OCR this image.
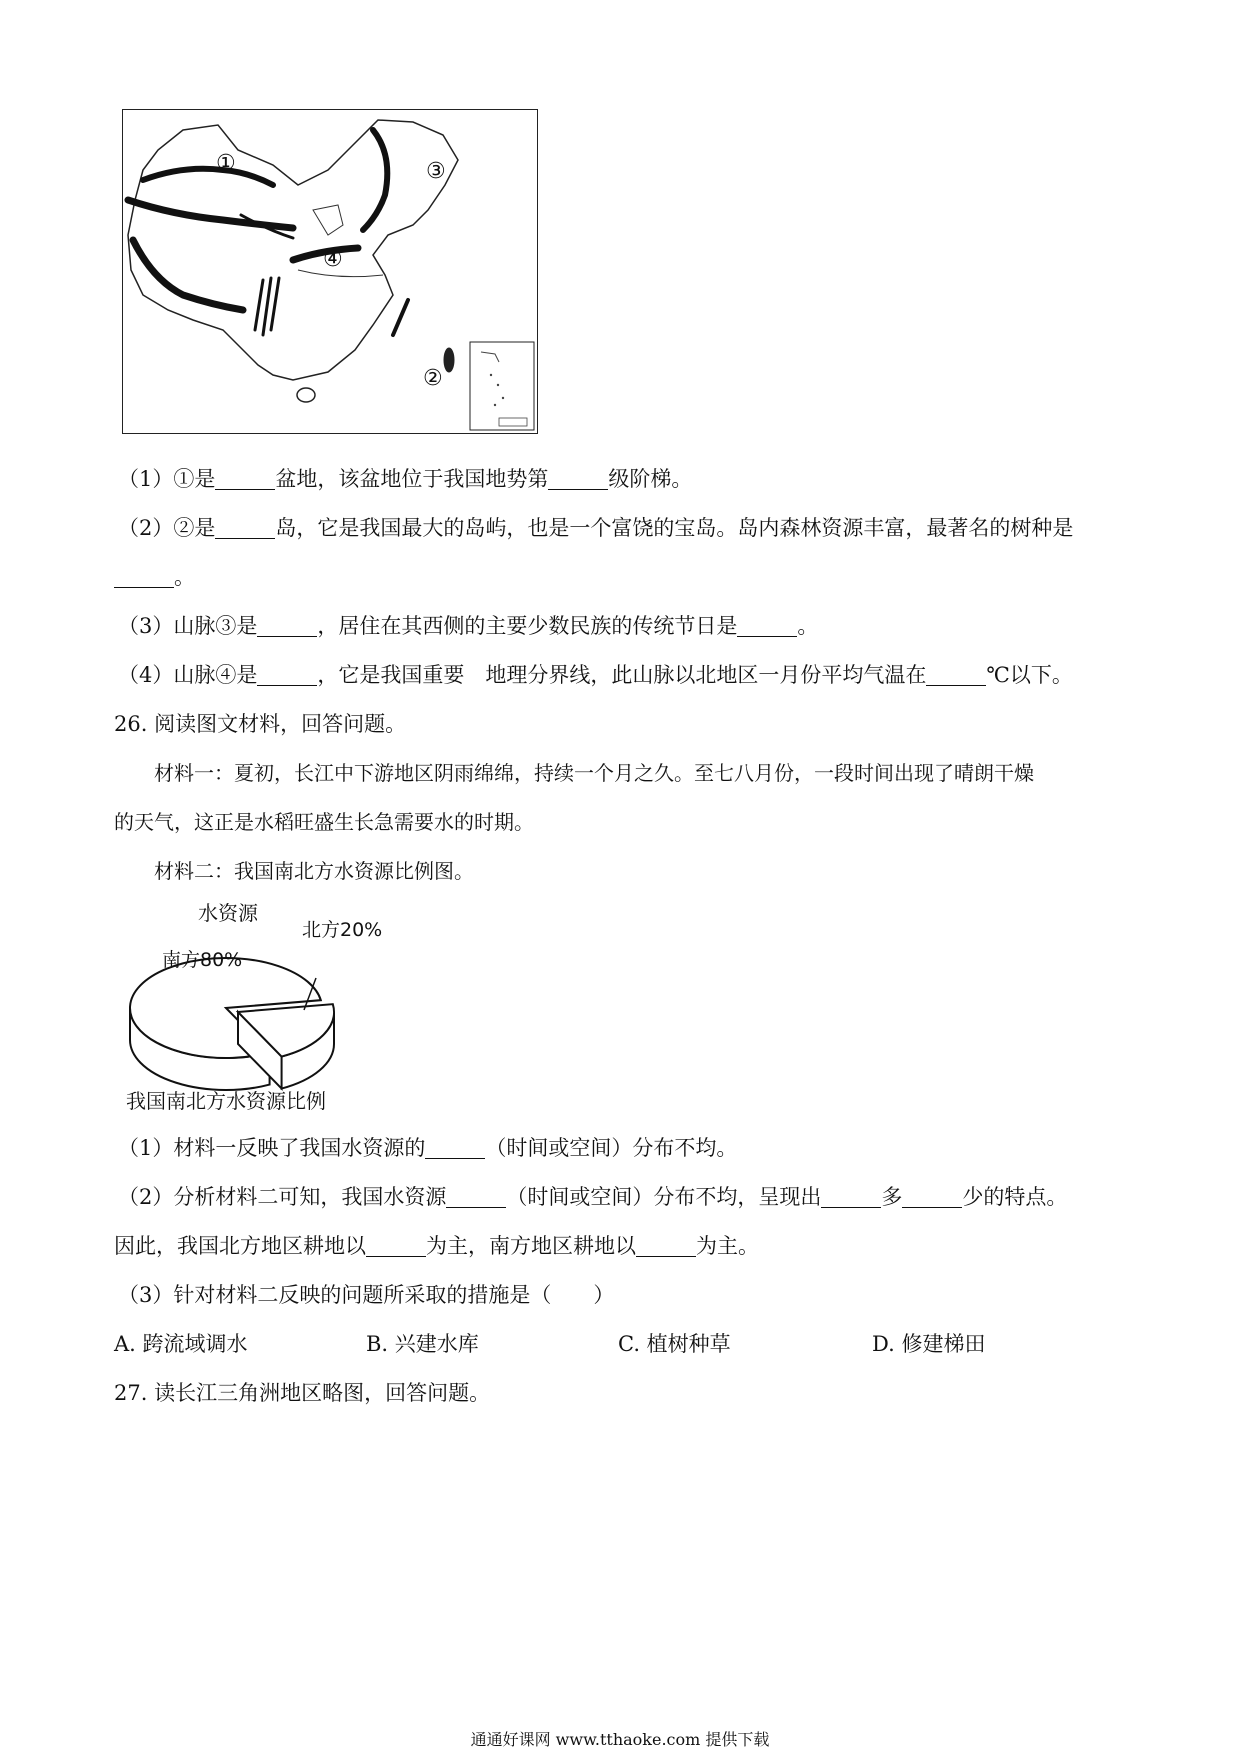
①	③
④
②
（1）①是	盆地，该盆地位于我国地势第	级阶梯。
（2）②是	岛，它是我国最大的岛屿，也是一个富饶的宝岛。岛内森林资源丰富，最著名的树种是
。
（3）山脉③是	，居住在其西侧的主要少数民族的传统节日是	。
（4）山脉④是	，它是我国重要　地理分界线，此山脉以北地区一月份平均气温在	℃以下。
26. 阅读图文材料，回答问题。
材料一：夏初，长江中下游地区阴雨绵绵，持续一个月之久。至七八月份，一段时间出现了晴朗干燥
的天气，这正是水稻旺盛生长急需要水的时期。
材料二：我国南北方水资源比例图。
水资源
南方80%
北方20%
我国南北方水资源比例
（1）材料一反映了我国水资源的	（时间或空间）分布不均。
（2）分析材料二可知，我国水资源	（时间或空间）分布不均，呈现出	多	少的特点。
因此，我国北方地区耕地以	为主，南方地区耕地以	为主。
（3）针对材料二反映的问题所采取的措施是（　　）
A. 跨流域调水	B. 兴建水库	C. 植树种草	D. 修建梯田
27. 读长江三角洲地区略图，回答问题。
通通好课网 www.tthaoke.com 提供下载
